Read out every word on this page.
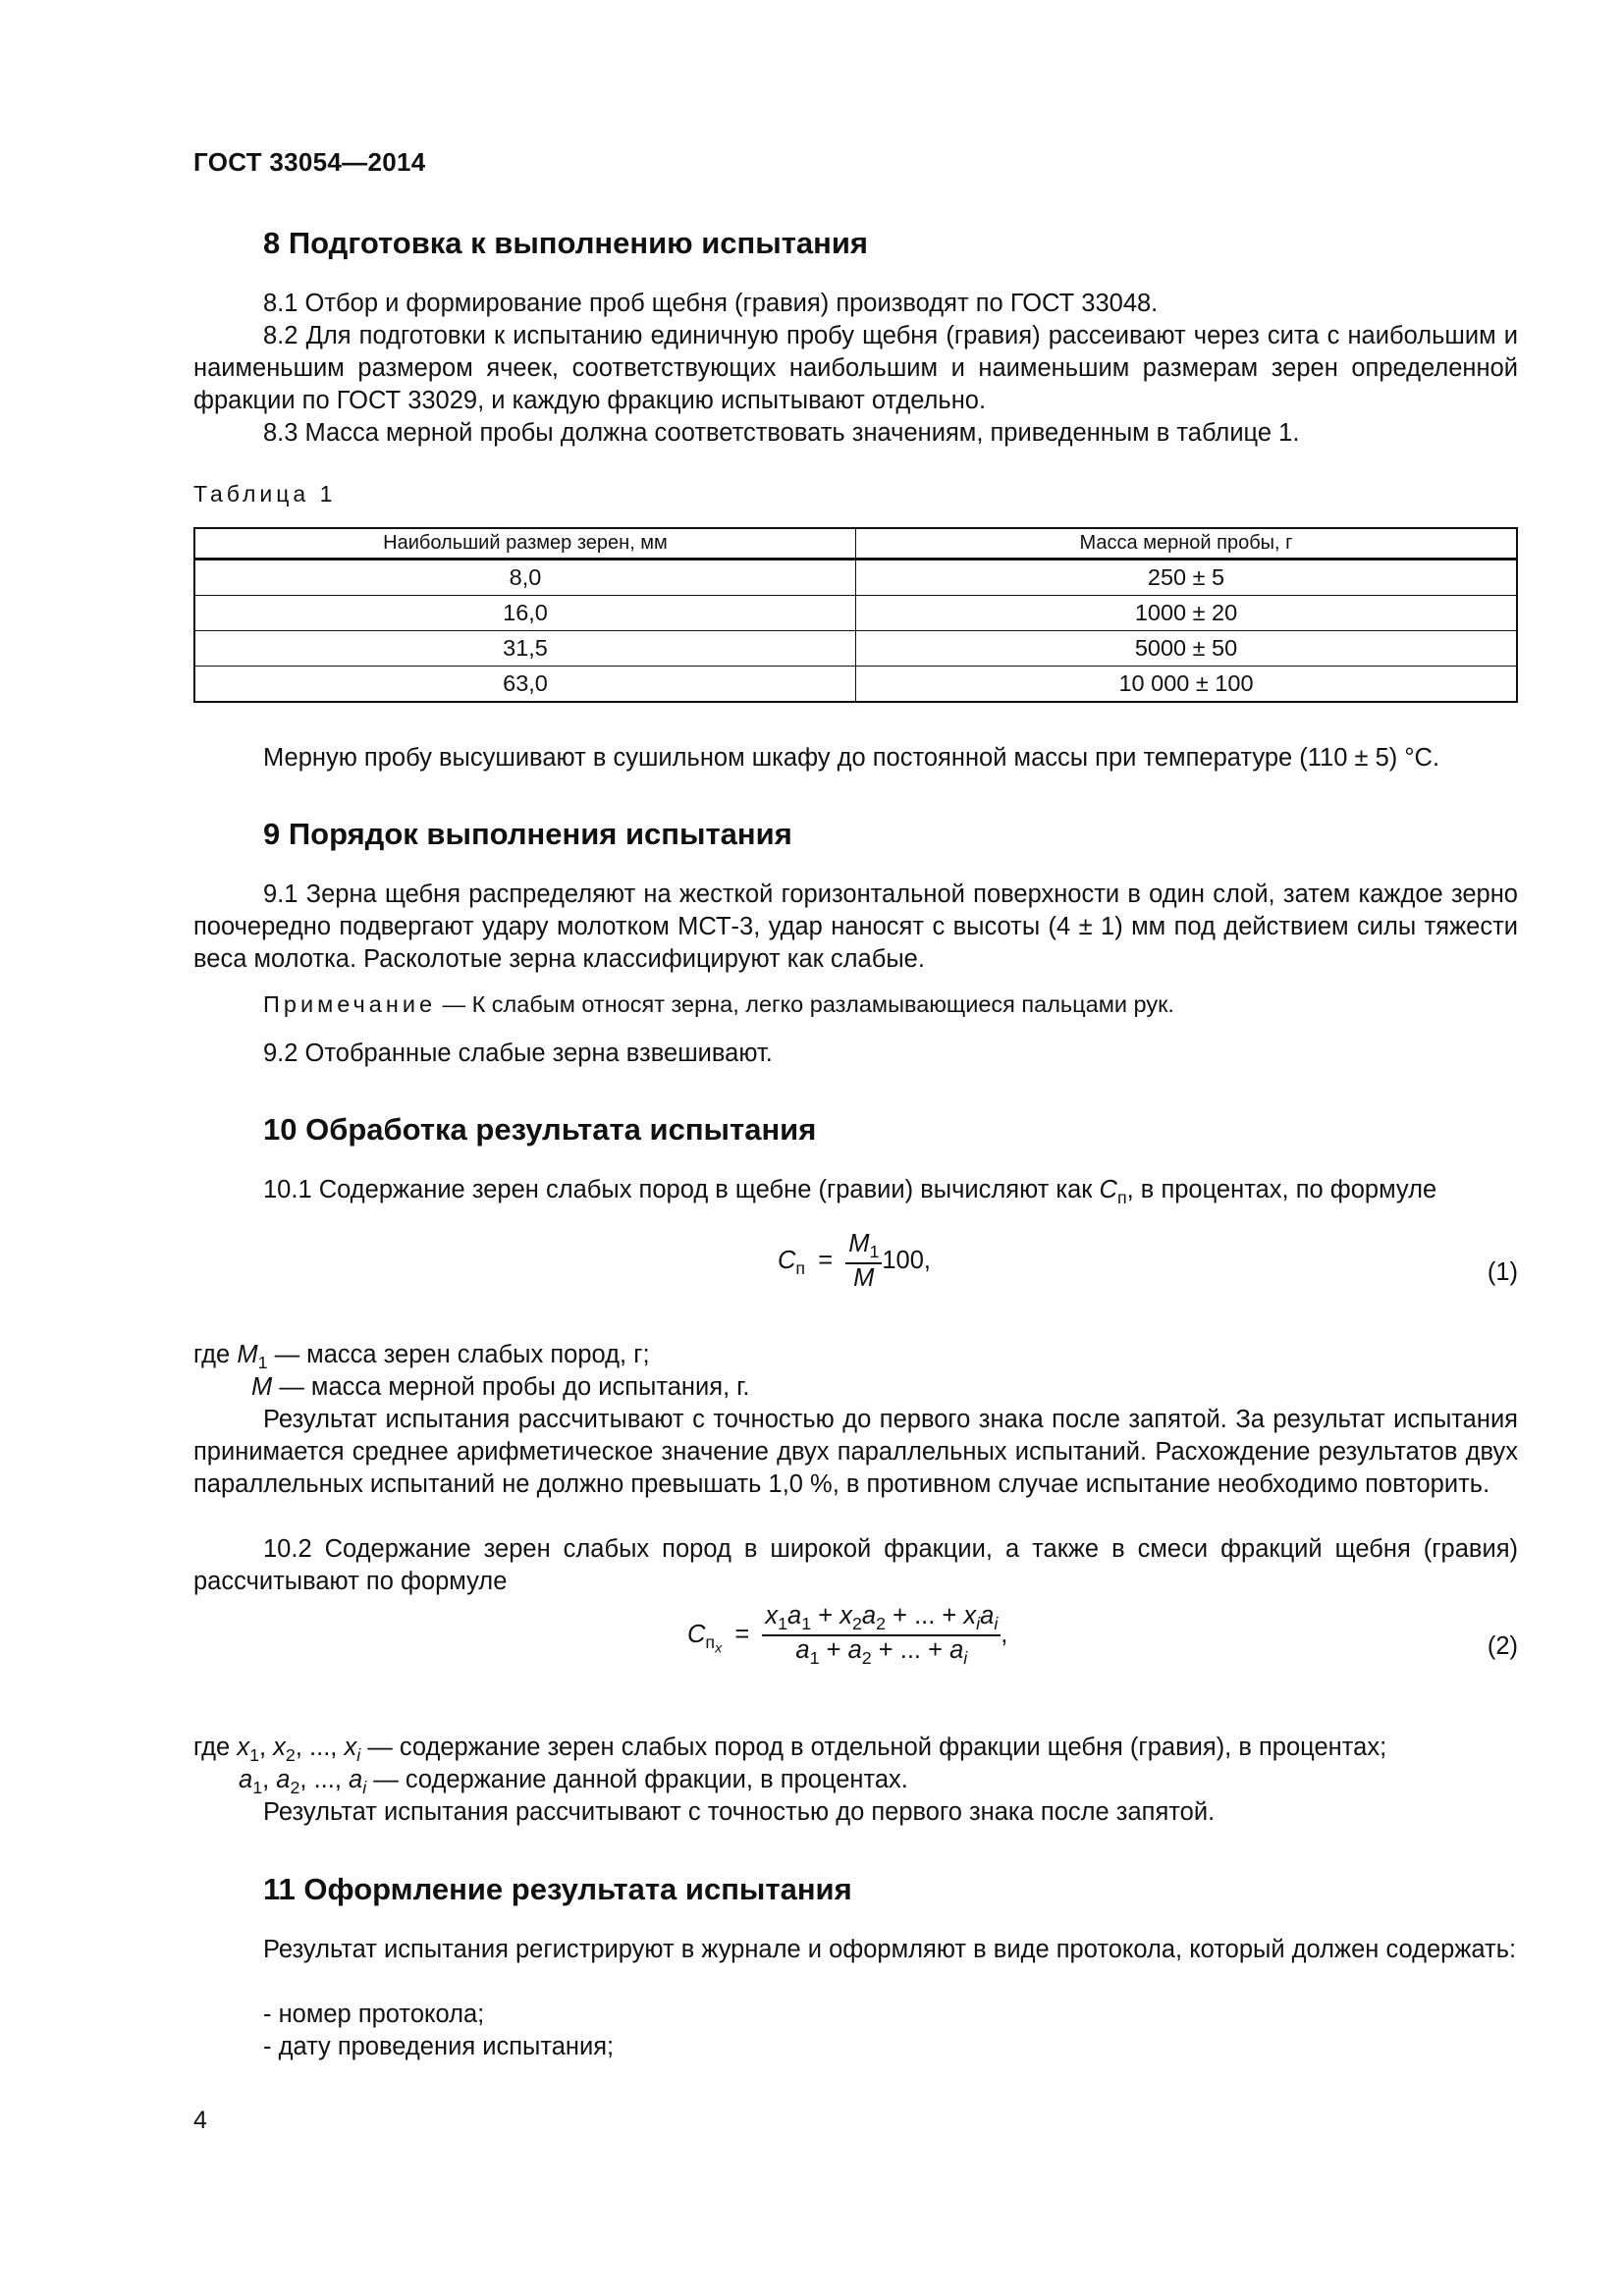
ГОСТ 33054—2014
8 Подготовка к выполнению испытания
8.1 Отбор и формирование проб щебня (гравия) производят по ГОСТ 33048.
8.2 Для подготовки к испытанию единичную пробу щебня (гравия) рассеивают через сита с наибольшим и наименьшим размером ячеек, соответствующих наибольшим и наименьшим размерам зерен определенной фракции по ГОСТ 33029, и каждую фракцию испытывают отдельно.
8.3 Масса мерной пробы должна соответствовать значениям, приведенным в таблице 1.
Таблица 1
Наибольший размер зерен, мм	Масса мерной пробы, г
8,0	250 ± 5
16,0	1000 ± 20
31,5	5000 ± 50
63,0	10 000 ± 100
Мерную пробу высушивают в сушильном шкафу до постоянной массы при температуре (110 ± 5) °C.
9 Порядок выполнения испытания
9.1 Зерна щебня распределяют на жесткой горизонтальной поверхности в один слой, затем каждое зерно поочередно подвергают удару молотком МСТ-3, удар наносят с высоты (4 ± 1) мм под действием силы тяжести веса молотка. Расколотые зерна классифицируют как слабые.
Примечание — К слабым относят зерна, легко разламывающиеся пальцами рук.
9.2 Отобранные слабые зерна взвешивают.
10 Обработка результата испытания
10.1 Содержание зерен слабых пород в щебне (гравии) вычисляют как $C_п$, в процентах, по формуле
$C_п = \frac{M_1}{M} 100$,	(1)
где $M_1$ — масса зерен слабых пород, г;
M — масса мерной пробы до испытания, г.
Результат испытания рассчитывают с точностью до первого знака после запятой. За результат испытания принимается среднее арифметическое значение двух параллельных испытаний. Расхождение результатов двух параллельных испытаний не должно превышать 1,0 %, в противном случае испытание необходимо повторить.
10.2 Содержание зерен слабых пород в широкой фракции, а также в смеси фракций щебня (гравия) рассчитывают по формуле
$C_{п_x} = \frac{x_1a_1 + x_2a_2 + ... + x_ia_i}{a_1 + a_2 + ... + a_i}$ ,	(2)
где $x_1$, $x_2$, ..., $x_i$ — содержание зерен слабых пород в отдельной фракции щебня (гравия), в процентах;
$a_1$, $a_2$, ..., $a_i$ — содержание данной фракции, в процентах.
Результат испытания рассчитывают с точностью до первого знака после запятой.
11 Оформление результата испытания
Результат испытания регистрируют в журнале и оформляют в виде протокола, который должен содержать:
- номер протокола;
- дату проведения испытания;
4
